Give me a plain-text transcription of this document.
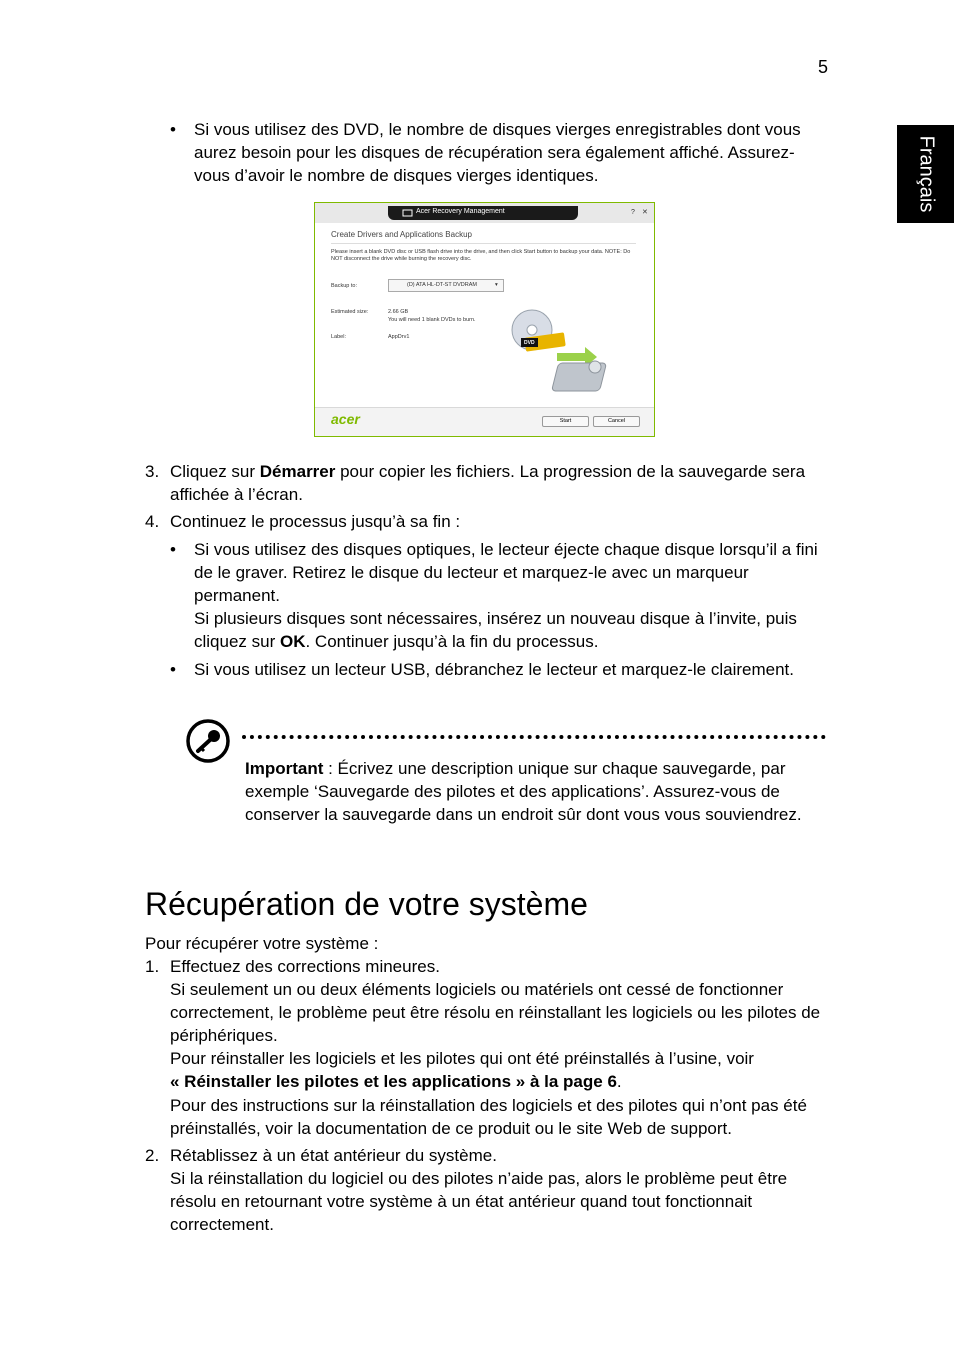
5
Français
• Si vous utilisez des DVD, le nombre de disques vierges enregistrables dont vous aurez besoin pour les disques de récupération sera également affiché. Assurez-vous d’avoir le nombre de disques vierges identiques.
Acer Recovery Management	? ✕
Create Drivers and Applications Backup
Please insert a blank DVD disc or USB flash drive into the drive, and then click Start button to backup your data. NOTE: Do NOT disconnect the drive while burning the recovery disc.
Backup to:	(D) ATA HL-DT-ST DVDRAM	▾
Estimated size:	2.66 GB
You will need 1 blank DVDs to burn.
Label:	AppDrv1
DVD
acer	Start	Cancel
3. Cliquez sur Démarrer pour copier les fichiers. La progression de la sauvegarde sera affichée à l’écran.
4. Continuez le processus jusqu’à sa fin :
• Si vous utilisez des disques optiques, le lecteur éjecte chaque disque lorsqu’il a fini de le graver. Retirez le disque du lecteur et marquez-le avec un marqueur permanent.
Si plusieurs disques sont nécessaires, insérez un nouveau disque à l’invite, puis cliquez sur OK. Continuer jusqu’à la fin du processus.
• Si vous utilisez un lecteur USB, débranchez le lecteur et marquez-le clairement.
Important : Écrivez une description unique sur chaque sauvegarde, par exemple ‘Sauvegarde des pilotes et des applications’. Assurez-vous de conserver la sauvegarde dans un endroit sûr dont vous vous souviendrez.
Récupération de votre système
Pour récupérer votre système :
1. Effectuez des corrections mineures.
Si seulement un ou deux éléments logiciels ou matériels ont cessé de fonctionner correctement, le problème peut être résolu en réinstallant les logiciels ou les pilotes de périphériques.
Pour réinstaller les logiciels et les pilotes qui ont été préinstallés à l’usine, voir
« Réinstaller les pilotes et les applications » à la page 6.
Pour des instructions sur la réinstallation des logiciels et des pilotes qui n’ont pas été préinstallés, voir la documentation de ce produit ou le site Web de support.
2. Rétablissez à un état antérieur du système.
Si la réinstallation du logiciel ou des pilotes n’aide pas, alors le problème peut être résolu en retournant votre système à un état antérieur quand tout fonctionnait correctement.
